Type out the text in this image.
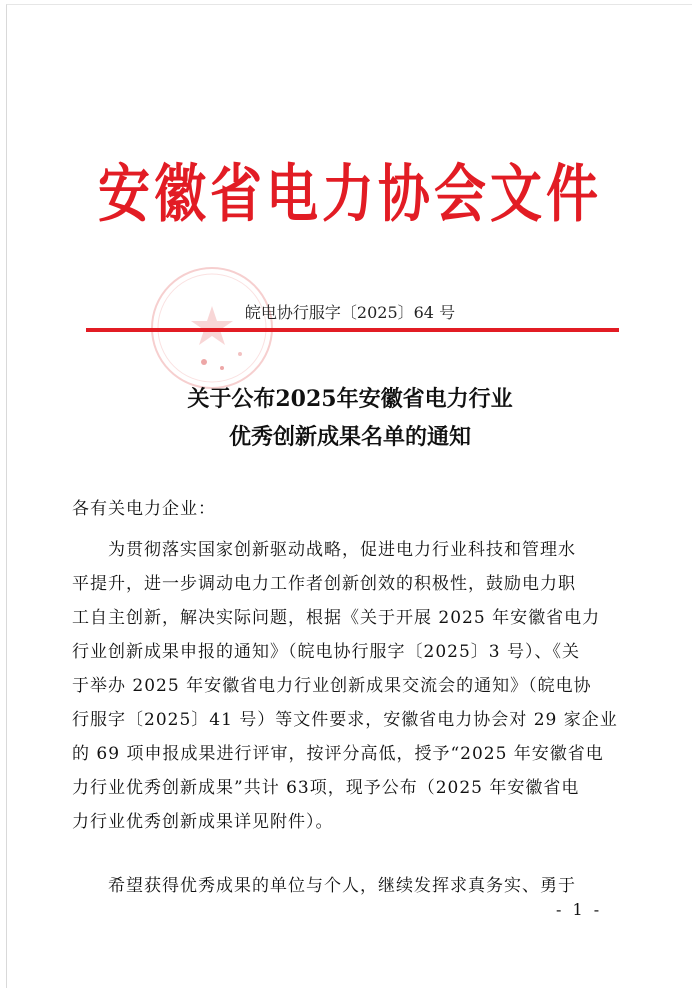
安徽省电力协会文件
皖电协行服字〔2025〕64 号
关于公布2025年安徽省电力行业
优秀创新成果名单的通知
各有关电力企业：
为贯彻落实国家创新驱动战略，促进电力行业科技和管理水
平提升，进一步调动电力工作者创新创效的积极性，鼓励电力职
工自主创新，解决实际问题，根据《关于开展 2025 年安徽省电力
行业创新成果申报的通知》（皖电协行服字〔2025〕3 号）、《关
于举办 2025 年安徽省电力行业创新成果交流会的通知》（皖电协
行服字〔2025〕41 号）等文件要求，安徽省电力协会对 29 家企业
的 69 项申报成果进行评审，按评分高低，授予“2025 年安徽省电
力行业优秀创新成果”共计 63项，现予公布（2025 年安徽省电
力行业优秀创新成果详见附件）。
希望获得优秀成果的单位与个人，继续发挥求真务实、勇于
- 1 -
